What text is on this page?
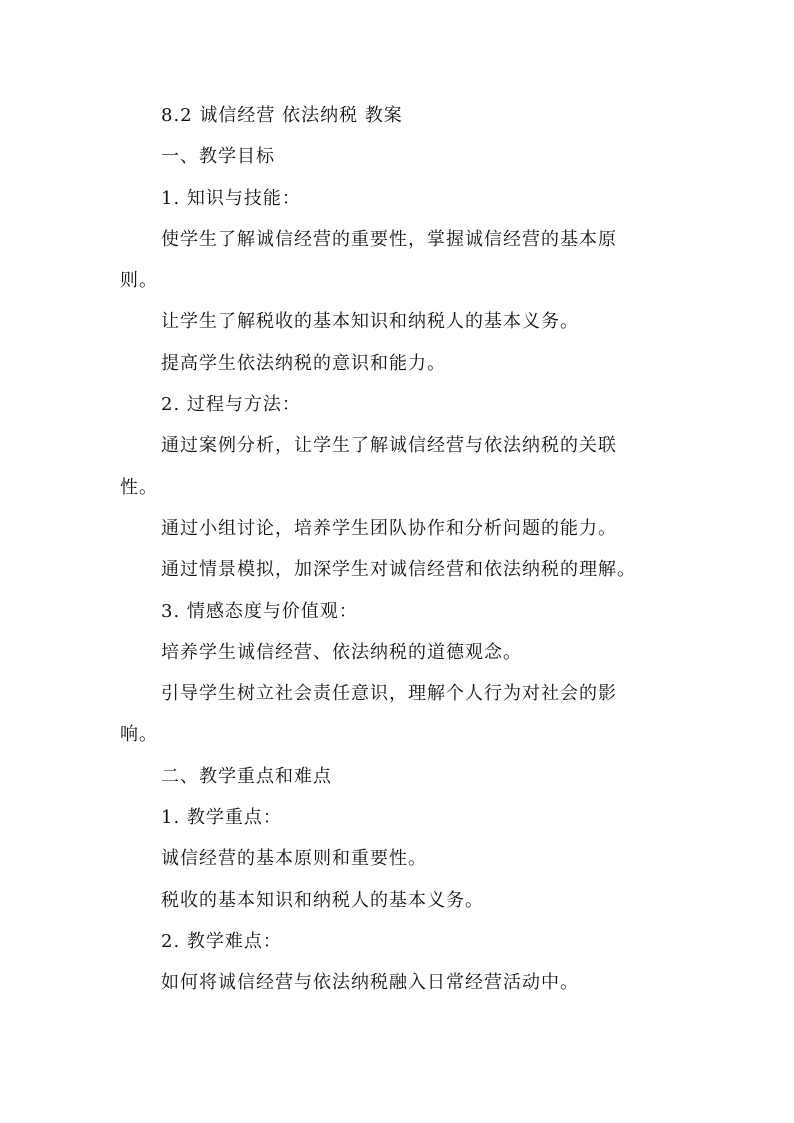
8.2 诚信经营 依法纳税 教案
一、教学目标
1. 知识与技能：
使学生了解诚信经营的重要性，掌握诚信经营的基本原
则。
让学生了解税收的基本知识和纳税人的基本义务。
提高学生依法纳税的意识和能力。
2. 过程与方法：
通过案例分析，让学生了解诚信经营与依法纳税的关联
性。
通过小组讨论，培养学生团队协作和分析问题的能力。
通过情景模拟，加深学生对诚信经营和依法纳税的理解。
3. 情感态度与价值观：
培养学生诚信经营、依法纳税的道德观念。
引导学生树立社会责任意识，理解个人行为对社会的影
响。
二、教学重点和难点
1. 教学重点：
诚信经营的基本原则和重要性。
税收的基本知识和纳税人的基本义务。
2. 教学难点：
如何将诚信经营与依法纳税融入日常经营活动中。
